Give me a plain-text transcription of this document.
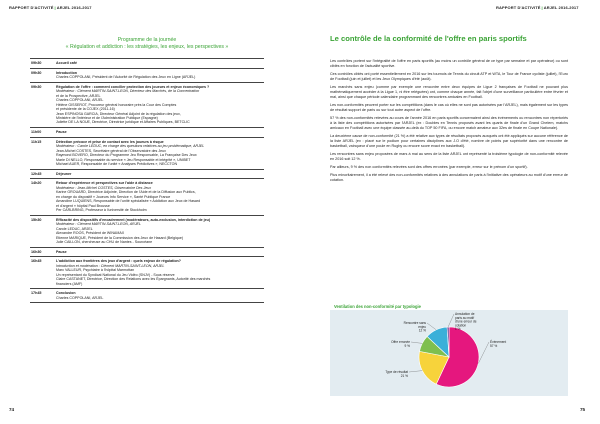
RAPPORT D'ACTIVITÉ|ARJEL 2016-2017
Programme de la journée
« Régulation et addiction : les stratégies, les enjeux, les perspectives »
09h30	Accueil café
09h30	Introduction
Charles COPPOLANI, Président de l'Autorité de Régulation des Jeux en Ligne (ARJEL)
09h30	Régulation de l'offre : comment concilier protection des joueurs et enjeux économiques ?
Modérateur : Clément MARTIN-SAINT-LEON, Directeur des Marchés, de la Concentration
et de la Prospective, ARJEL
Charles COPPOLANI, ARJEL
Hélène GISSEROT, Procureur général honoraire près la Cour des Comptes
et présidente de la COJEX (2011-16)
Jean ESPINOSA GARCIA, Directeur Général Adjoint de la régulation des jeux,
Ministère de l'intérieur et de l'Administration Publique (Espagne)
Juliette DE LA NOUE, Directrice, Directrice juridique et Affaires Publiques, BETCLIC
11h00	Pause
11h15	Détection précoce et prise de contact avec les joueurs à risque
Modérateur : Carole LEDUC, en charge des questions relatives au jeu problématique, ARJEL
Jean-Michel COSTES, Secrétaire général de l'Observatoire des Jeux
Raymond BOVERO, Directeur du Programme Jeu Responsable, La Française Des Jeux
Marie DI NELLO, Responsable du service « Jeu Responsable et intégrité », UNIBET
Michael AUER, Responsable de l'unité « Analyses Prédictives », NECCTON
12h45	Déjeuner
14h20	Retour d'expérience et perspectives sur l'aide à distance
Modérateur : Jean-Michel COSTES, Observatoire Des Jeux
Karine GROUARD, Directrice Adjointe, Direction de l'Aide et de la Diffusion aux Publics,
en charge du dispositif « Joueurs Info Service », Santé Publique France
Amandine LUQUIENS, Responsable de l'unité spécialisée « Addiction aux Jeux de Hasard
et d'argent » hôpital Paul Brousse
Per CARLBRING, Professeur à l'université de Stockholm
15h30	Efficacité des dispositifs d'encadrement (modérateurs, auto-exclusion, interdiction de jeu)
Modérateur : Clément MARTIN-SAINT-LEON, ARJEL
Carole LEDUC, ARJEL
Alexandre ROOS, Président de WINAMAX
Etienne MARIQUE, Président de la Commission des Jeux de Hasard (Belgique)
Julie CAILLON, chercheuse au CHU de Nantes - Sourcéane
16h30	Pause
16h45	L'addiction aux frontières des jeux d'argent : quels enjeux de régulation?
Introduction et modération : Clément MARTIN-SAINT-LEON, ARJEL
Marc VALLEUR, Psychiatre à l'hôpital Marmottan
Un représentant du Syndicat National du Jeu Vidéo (SNJV) - Sous réserve
Claire CASTANET, Directrice, Direction des Relations avec les Épargnants, Autorité des marchés
financiers (AMF)
17h45	Conclusion
Charles COPPOLANI, ARJEL
74
RAPPORT D'ACTIVITÉ|ARJEL 2016-2017
Le contrôle de la conformité de l'offre en paris sportifs

Les contrôles portent sur l'intégralité de l'offre en paris sportifs (au moins un contrôle général de ce type par semaine et par opérateur) ou sont ciblés en fonction de l'actualité sportive.

Ces contrôles ciblés ont porté essentiellement en 2016 sur les tournois de Tennis du circuit ATP et WTA, le Tour de France cycliste (juillet), l'Euro de Football (juin et juillet) et les Jeux Olympiques d'été (août).

Les marchés sans enjeu (comme par exemple une rencontre entre deux équipes de Ligue 2 françaises de Football ne pouvant plus mathématiquement accéder à la Ligue 1, ni être reléguées) ont, comme chaque année, fait l'objet d'une surveillance particulière entre février et mai, ainsi que chaque période calendaire programmant des rencontres amicales en Football.

Les non-conformités peuvent porter sur les compétitions (dans le cas où elles ne sont pas autorisées par l'ARJEL), mais également sur les types de résultat support de paris ou sur tout autre aspect de l'offre.

57 % des non-conformités relevées au cours de l'année 2016 en paris sportifs concernaient ainsi des événements ou rencontres non répertoriés à la liste des compétitions autorisées par l'ARJEL (ex : Doubles en Tennis proposés avant les quarts de finale d'un Grand Chelem, matchs amicaux en Football avec une équipe classée au-delà du TOP 50 FIFA, ou encore match amateur aux 32es de finale en Coupe Nationale).

La deuxième cause de non-conformité (21 %) a été relative aux types de résultats proposés auxquels ont été appliqués sur aucune référence de la liste ARJEL (ex : placé sur le podium pour certaines disciplines aux J.O d'été, nombre de points par supériorité dans une rencontre de basketball, vainqueur d'une poule en Rugby ou encore score exact en basketball).

Les rencontres sans enjeu proposées de mars à mai au sens de la liste ARJEL ont représenté la troisième typologie de non-conformité relevée en 2016 soit 12 %.

Par ailleurs, 9 % des non conformités relevées sont des offres erronées (par exemple, erreur sur le prénom d'un sportif).

Plus minoritairement, il a été relevé des non-conformités relatives à des annulations de paris à l'initiative des opérateurs au motif d'une erreur de cotation.

Ventilation des non-conformité par typologie
Événement
57 %
Type de résultat
21 %
Offre erronée
9 %
Rencontre sans enjeu
12 %
Annulation de paris au motif d'une erreur de cotation
1 %
75
